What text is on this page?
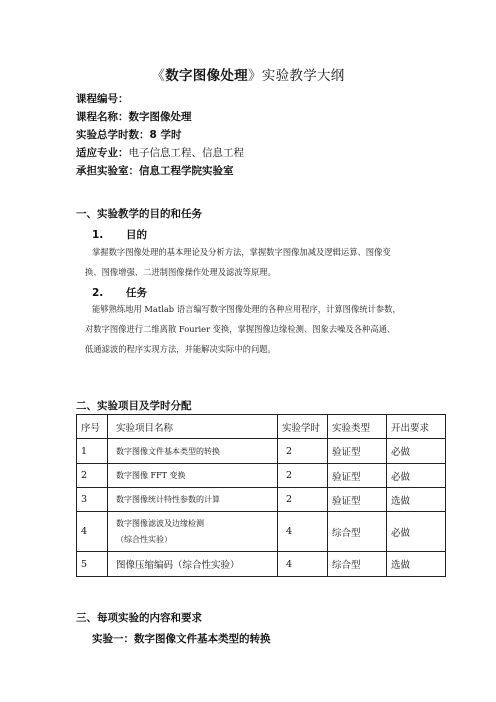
《数字图像处理》实验教学大纲
课程编号：
课程名称：数字图像处理
实验总学时数：8 学时
适应专业：电子信息工程、信息工程
承担实验室：信息工程学院实验室
一、实验教学的目的和任务
1. 目的
掌握数字图像处理的基本理论及分析方法，掌握数字图像加减及逻辑运算、图像变
换、图像增强、二进制图像操作处理及滤波等原理。
2. 任务
能够熟练地用 Matlab 语言编写数字图像处理的各种应用程序，计算图像统计参数，
对数字图像进行二维离散 Fourier 变换，掌握图像边缘检测、图象去噪及各种高通、
低通滤波的程序实现方法，并能解决实际中的问题。
二、实验项目及学时分配
序号	实验项目名称	实验学时	实验类型	开出要求
1	数字图像文件基本类型的转换	2	验证型	必做
2	数字图像 FFT 变换	2	验证型	必做
3	数字图像统计特性参数的计算	2	验证型	选做
4	数字图像滤波及边缘检测
（综合性实验）	4	综合型	必做
5	图像压缩编码（综合性实验）	4	综合型	选做
三、每项实验的内容和要求
实验一：数字图像文件基本类型的转换
